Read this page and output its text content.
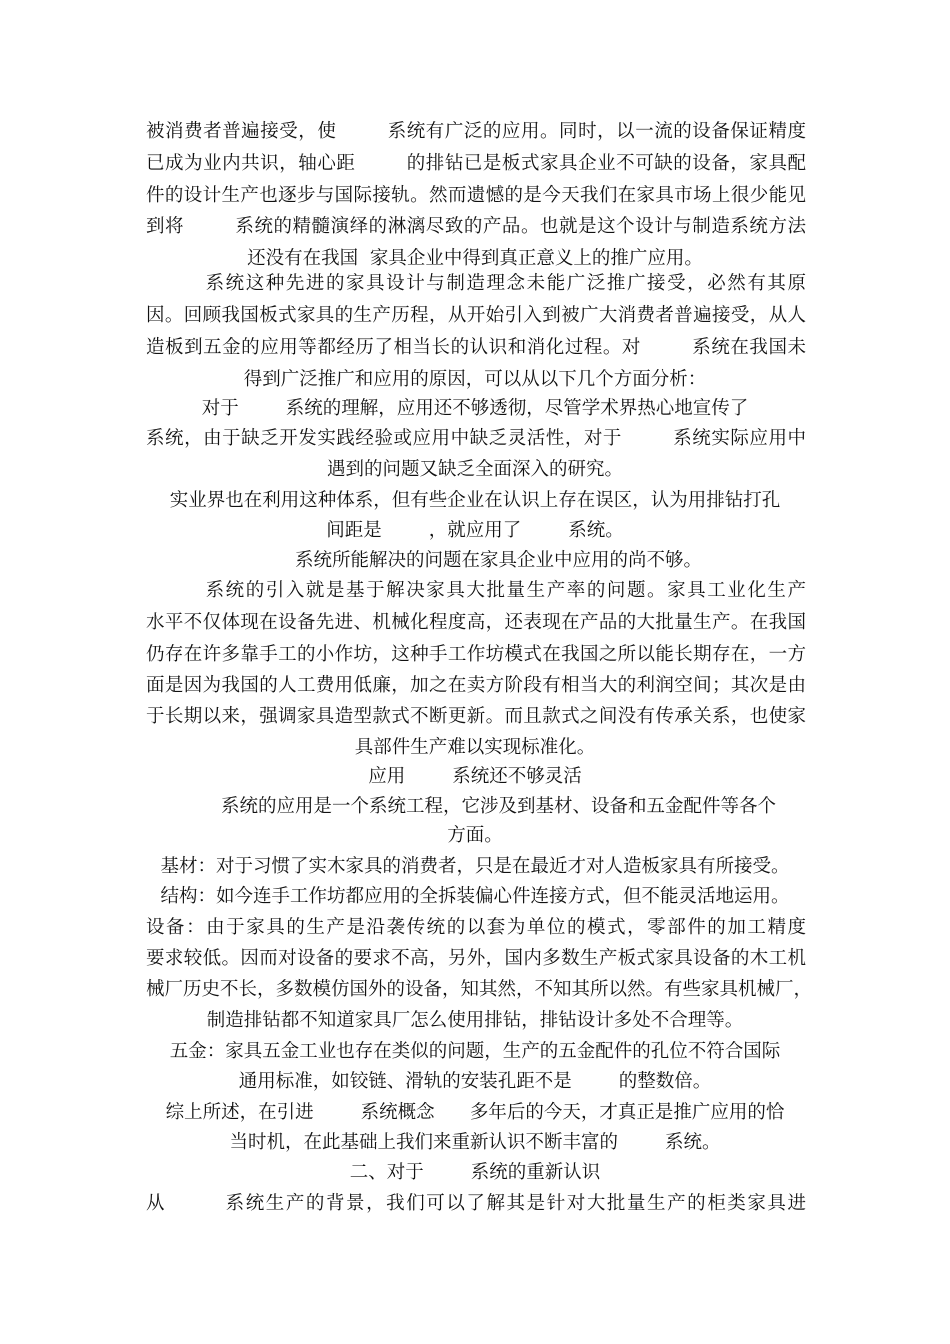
被消费者普遍接受，使        系统有广泛的应用。同时，以一流的设备保证精度
已成为业内共识，轴心距        的排钻已是板式家具企业不可缺的设备，家具配
件的设计生产也逐步与国际接轨。然而遗憾的是今天我们在家具市场上很少能见
到将        系统的精髓演绎的淋漓尽致的产品。也就是这个设计与制造系统方法
还没有在我国  家具企业中得到真正意义上的推广应用。
系统这种先进的家具设计与制造理念未能广泛推广接受，必然有其原
因。回顾我国板式家具的生产历程，从开始引入到被广大消费者普遍接受，从人
造板到五金的应用等都经历了相当长的认识和消化过程。对        系统在我国未
得到广泛推广和应用的原因，可以从以下几个方面分析：
对于        系统的理解，应用还不够透彻，尽管学术界热心地宣传了
系统，由于缺乏开发实践经验或应用中缺乏灵活性，对于        系统实际应用中
遇到的问题又缺乏全面深入的研究。
实业界也在利用这种体系，但有些企业在认识上存在误区，认为用排钻打孔
间距是        ，就应用了        系统。
系统所能解决的问题在家具企业中应用的尚不够。
系统的引入就是基于解决家具大批量生产率的问题。家具工业化生产
水平不仅体现在设备先进、机械化程度高，还表现在产品的大批量生产。在我国
仍存在许多靠手工的小作坊，这种手工作坊模式在我国之所以能长期存在，一方
面是因为我国的人工费用低廉，加之在卖方阶段有相当大的利润空间；其次是由
于长期以来，强调家具造型款式不断更新。而且款式之间没有传承关系，也使家
具部件生产难以实现标准化。
应用        系统还不够灵活
系统的应用是一个系统工程，它涉及到基材、设备和五金配件等各个
方面。
基材：对于习惯了实木家具的消费者，只是在最近才对人造板家具有所接受。
结构：如今连手工作坊都应用的全拆装偏心件连接方式，但不能灵活地运用。
设备：由于家具的生产是沿袭传统的以套为单位的模式，零部件的加工精度
要求较低。因而对设备的要求不高，另外，国内多数生产板式家具设备的木工机
械厂历史不长，多数模仿国外的设备，知其然，不知其所以然。有些家具机械厂，
制造排钻都不知道家具厂怎么使用排钻，排钻设计多处不合理等。
五金：家具五金工业也存在类似的问题，生产的五金配件的孔位不符合国际
通用标准，如铰链、滑轨的安装孔距不是        的整数倍。
综上所述，在引进        系统概念      多年后的今天，才真正是推广应用的恰
当时机，在此基础上我们来重新认识不断丰富的        系统。
二、对于        系统的重新认识
从        系统生产的背景，我们可以了解其是针对大批量生产的柜类家具进
